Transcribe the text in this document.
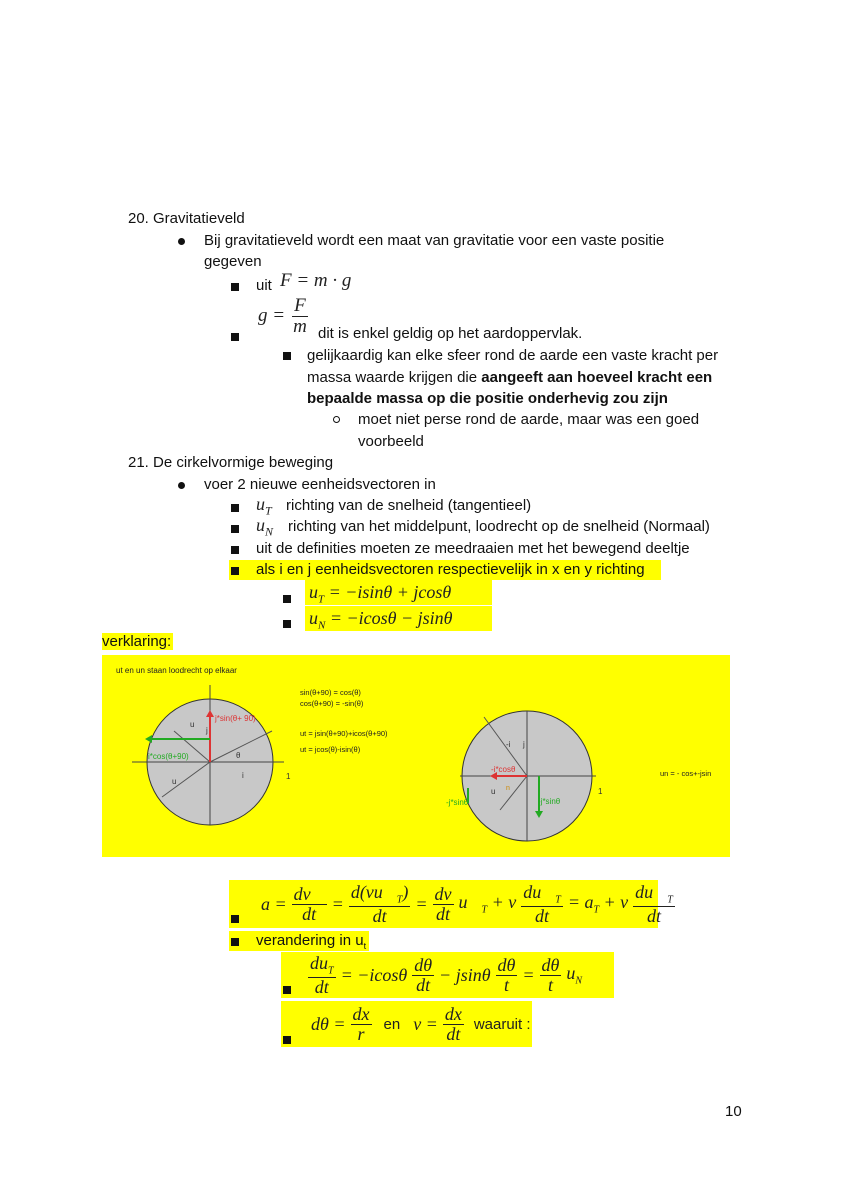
20. Gravitatieveld
Bij gravitatieveld wordt een maat van gravitatie voor een vaste positie
gegeven
uit F = m · g
$g = \frac{F}{m}$ dit is enkel geldig op het aardoppervlak.
gelijkaardig kan elke sfeer rond de aarde een vaste kracht per
massa waarde krijgen die aangeeft aan hoeveel kracht een
bepaalde massa op die positie onderhevig zou zijn
moet niet perse rond de aarde, maar was een goed
voorbeeld
21. De cirkelvormige beweging
voer 2 nieuwe eenheidsvectoren in
$u_T$ richting van de snelheid (tangentieel)
$u_N$ richting van het middelpunt, loodrecht op de snelheid (Normaal)
uit de definities moeten ze meedraaien met het bewegend deeltje
als i en j eenheidsvectoren respectievelijk in x en y richting
$u_T = -isin\theta + jcos\theta$
$u_N = -icos\theta - jsin\theta$
verklaring:
ut en un staan loodrecht op elkaar
j*sin(θ+ 90)
i*cos(θ+90)
u
j
i
θ
1
u
sin(θ+90) = cos(θ)
cos(θ+90) = -sin(θ)
ut = jsin(θ+90)+icos(θ+90)
ut = jcos(θ)-isin(θ)
-i j
-i*cosθ
-j*sinθ	-j*sinθ
u n	1
un = - cos+-jsin
$a = \frac{dv⃗}{dt} = \frac{d(vu⃗_T)}{dt} = \frac{dv}{dt}$ $u⃗_T + v \frac{du⃗_T}{dt} = a_T + v \frac{du⃗_T}{dt}$
verandering in $u_t$
$\frac{du_T}{dt} = -icos\theta \frac{d\theta}{dt} - jsin\theta \frac{d\theta}{t} = \frac{d\theta}{t} u_N$
$d\theta = \frac{dx}{r}$ en $v = \frac{dx}{dt}$ waaruit :
10
